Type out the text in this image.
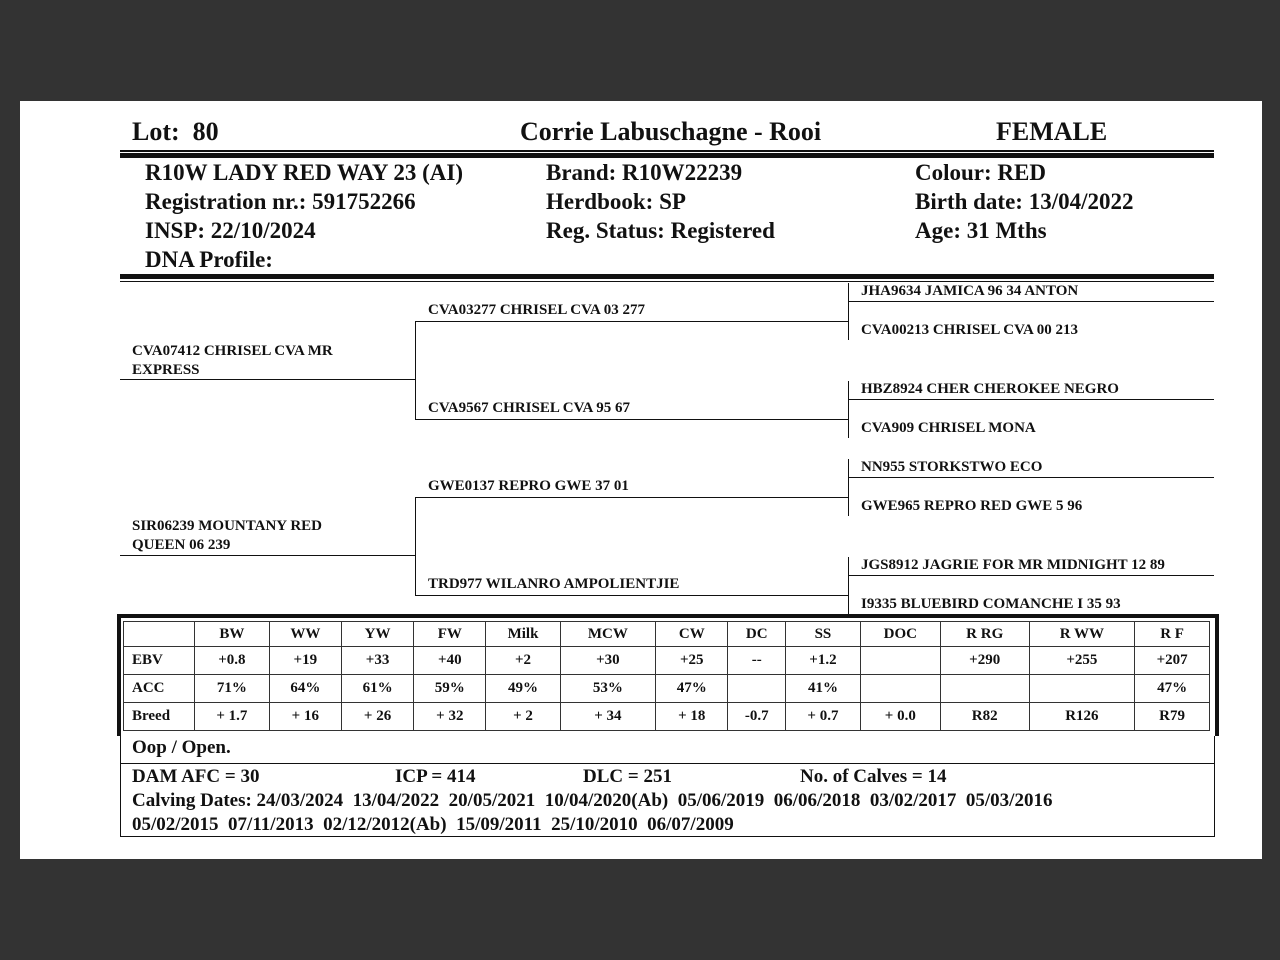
Lot: 80	Corrie Labuschagne - Rooi	FEMALE
R10W LADY RED WAY 23 (AI)
Registration nr.: 591752266
INSP: 22/10/2024
DNA Profile:
Brand: R10W22239
Herdbook: SP
Reg. Status: Registered
Colour: RED
Birth date: 13/04/2022
Age: 31 Mths
CVA07412 CHRISEL CVA MR EXPRESS
SIR06239 MOUNTANY RED QUEEN 06 239
CVA03277 CHRISEL CVA 03 277
CVA9567 CHRISEL CVA 95 67
GWE0137 REPRO GWE 37 01
TRD977 WILANRO AMPOLIENTJIE
JHA9634 JAMICA 96 34 ANTON
CVA00213 CHRISEL CVA 00 213
HBZ8924 CHER CHEROKEE NEGRO
CVA909 CHRISEL MONA
NN955 STORKSTWO ECO
GWE965 REPRO RED GWE 5 96
JGS8912 JAGRIE FOR MR MIDNIGHT 12 89
I9335 BLUEBIRD COMANCHE I 35 93
	BW	WW	YW	FW	Milk	MCW	CW	DC	SS	DOC	R RG	R WW	R F
EBV	+0.8	+19	+33	+40	+2	+30	+25	--	+1.2		+290	+255	+207
ACC	71%	64%	61%	59%	49%	53%	47%		41%				47%
Breed	+ 1.7	+ 16	+ 26	+ 32	+ 2	+ 34	+ 18	-0.7	+ 0.7	+ 0.0	R82	R126	R79
Oop / Open.
DAM AFC = 30	ICP = 414	DLC = 251	No. of Calves = 14
Calving Dates: 24/03/2024  13/04/2022  20/05/2021  10/04/2020(Ab)  05/06/2019  06/06/2018  03/02/2017  05/03/2016
05/02/2015  07/11/2013  02/12/2012(Ab)  15/09/2011  25/10/2010  06/07/2009
